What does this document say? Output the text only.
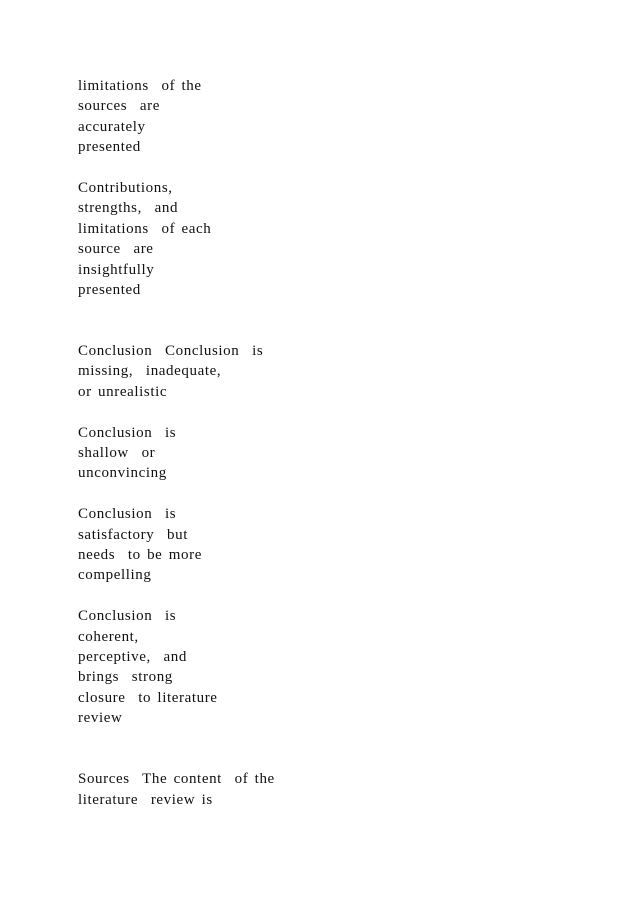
limitations  of the
sources  are
accurately
presented
Contributions,
strengths,  and
limitations  of each
source  are
insightfully
presented
Conclusion  Conclusion  is
missing,  inadequate,
or unrealistic
Conclusion  is
shallow  or
unconvincing
Conclusion  is
satisfactory  but
needs  to be more
compelling
Conclusion  is
coherent,
perceptive,  and
brings  strong
closure  to literature
review
Sources  The content  of the
literature  review is
